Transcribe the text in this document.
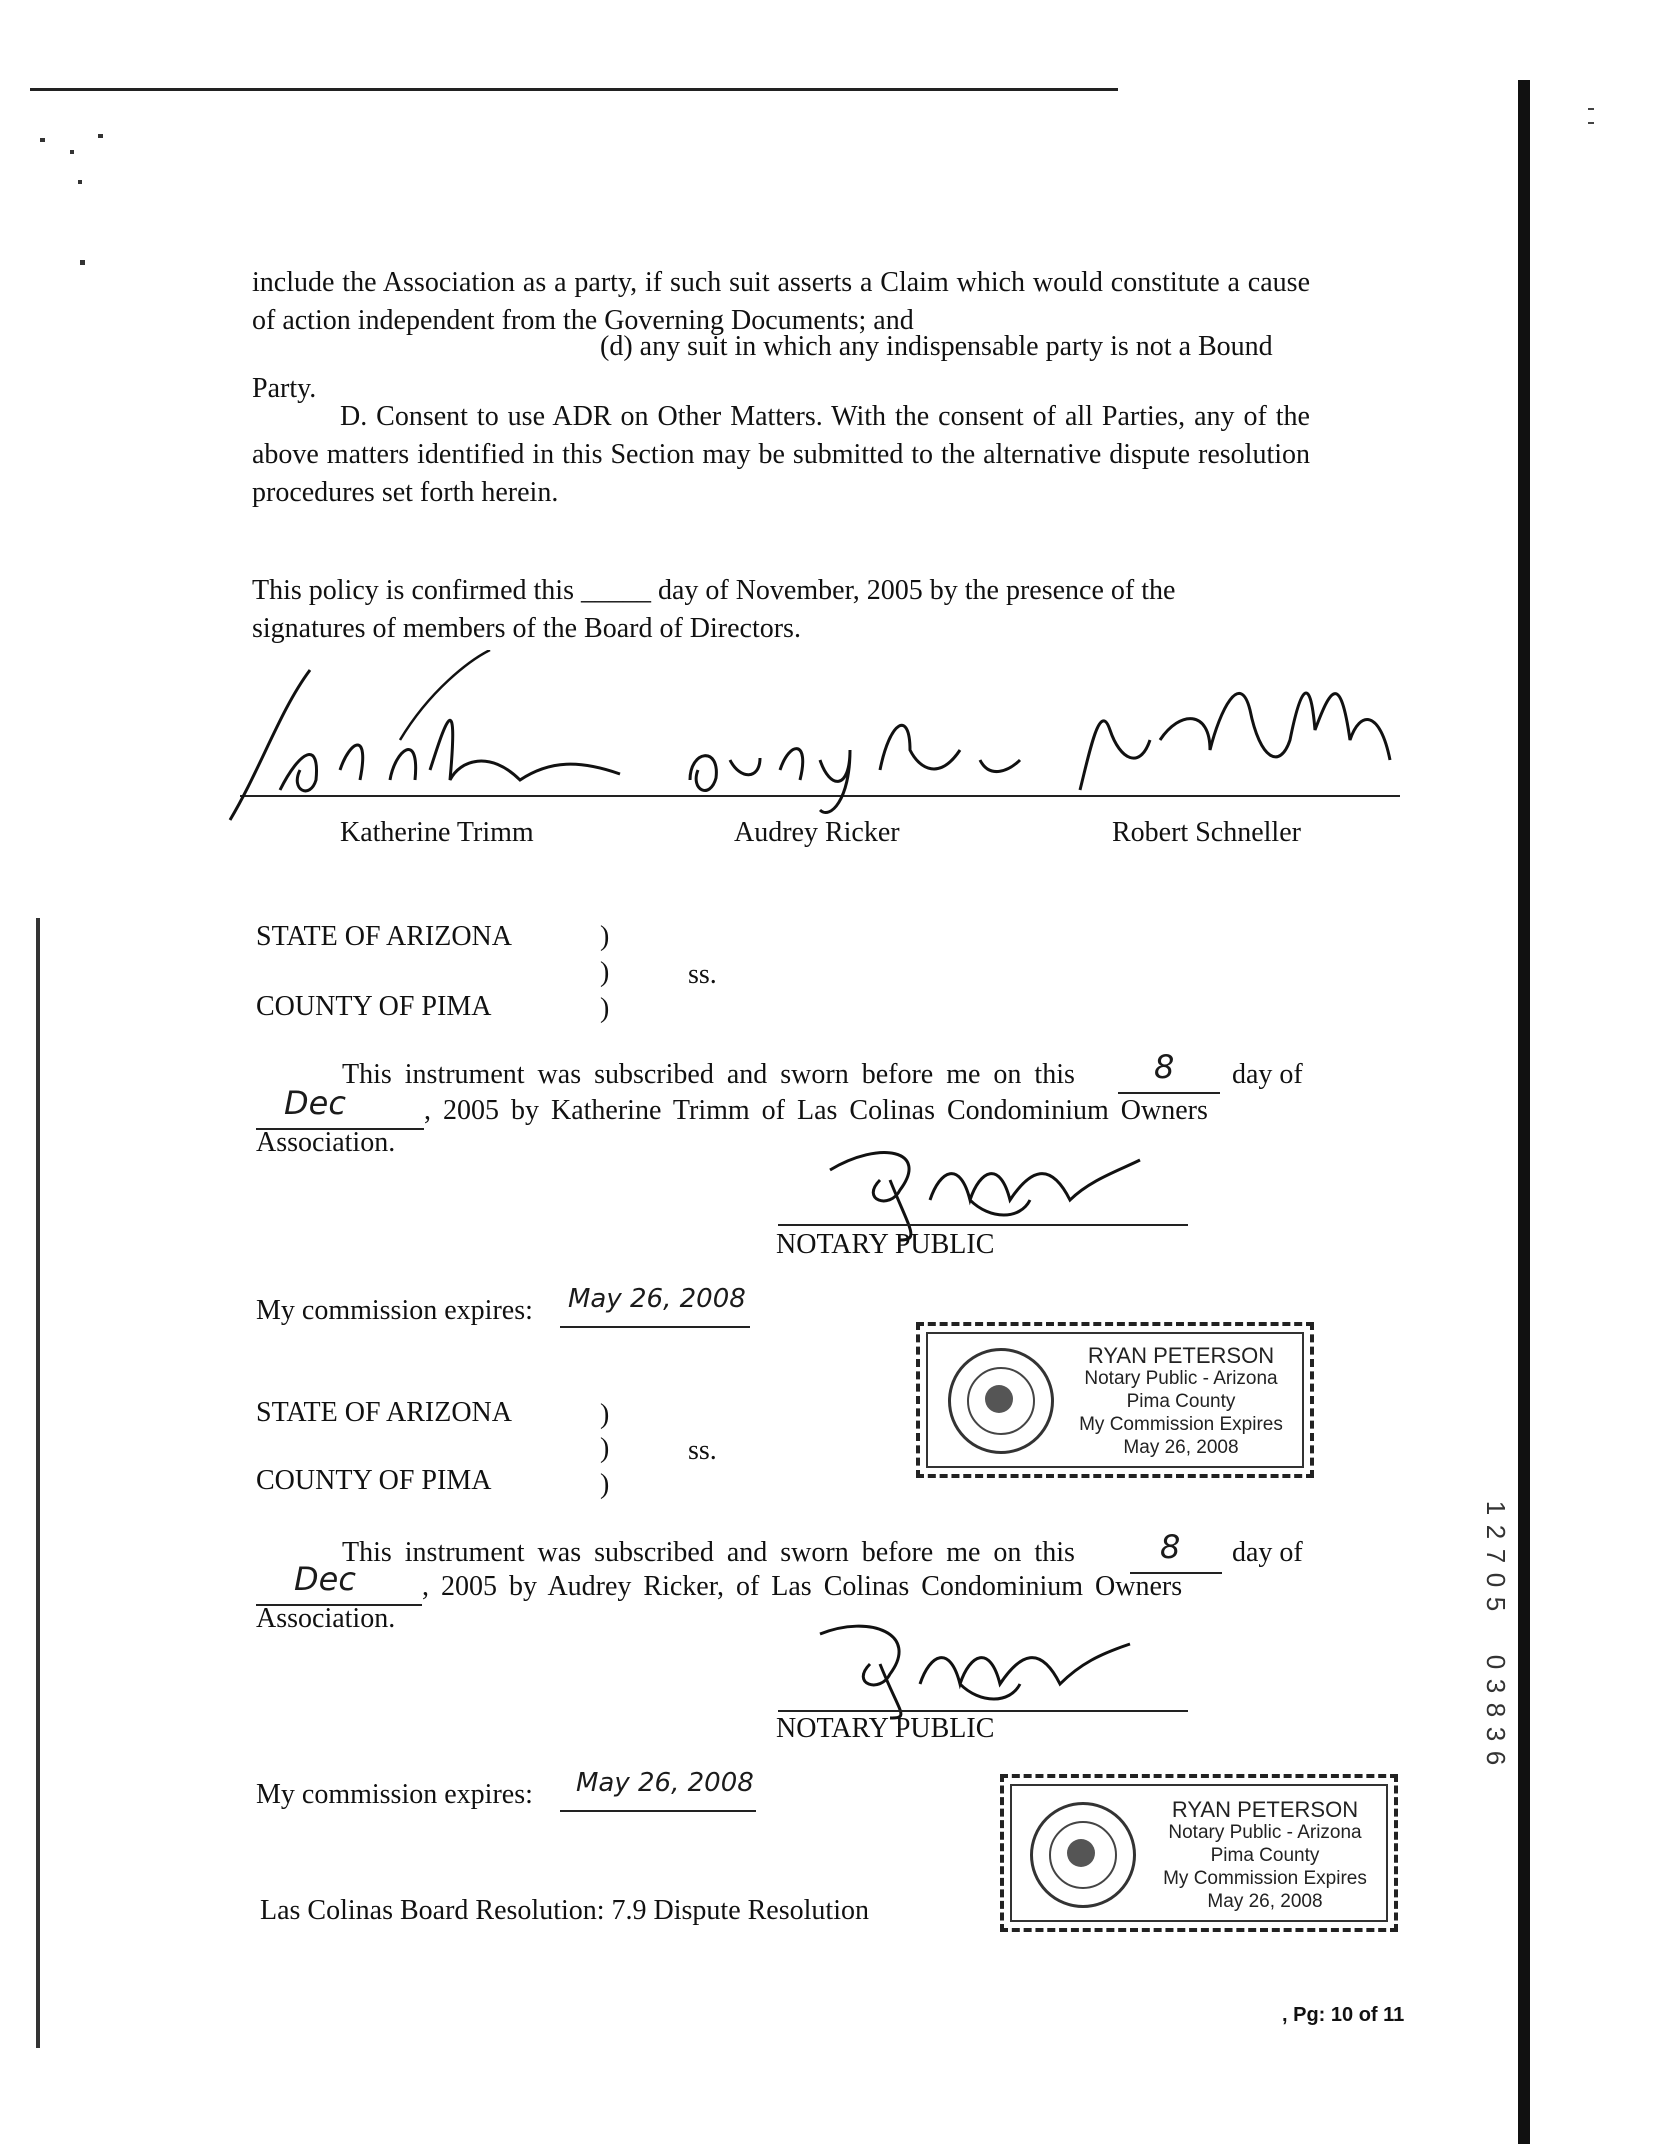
include the Association as a party, if such suit asserts a Claim which would constitute a cause of action independent from the Governing Documents; and
(d) any suit in which any indispensable party is not a Bound
Party.
D. Consent to use ADR on Other Matters. With the consent of all Parties, any of the above matters identified in this Section may be submitted to the alternative dispute resolution procedures set forth herein.
This policy is confirmed this _____ day of November, 2005 by the presence of the
signatures of members of the Board of Directors.
Katherine Trimm	Audrey Ricker	Robert Schneller
STATE OF ARIZONA	)
)	ss.
COUNTY OF PIMA	)
This instrument was subscribed and sworn before me on this 8 day of
Dec	, 2005 by Katherine Trimm of Las Colinas Condominium Owners
Association.
NOTARY PUBLIC
My commission expires: May 26, 2008
RYAN PETERSON
Notary Public - Arizona
Pima County
My Commission Expires
May 26, 2008
STATE OF ARIZONA	)
)	ss.
COUNTY OF PIMA	)
This instrument was subscribed and sworn before me on this	8 day of
Dec , 2005 by Audrey Ricker, of Las Colinas Condominium Owners
Association.
NOTARY PUBLIC
My commission expires: May 26, 2008
RYAN PETERSON
Notary Public - Arizona
Pima County
My Commission Expires
May 26, 2008
Las Colinas Board Resolution: 7.9 Dispute Resolution
, Pg: 10 of 11
1
2
7
0
5
0
3
8
3
6
